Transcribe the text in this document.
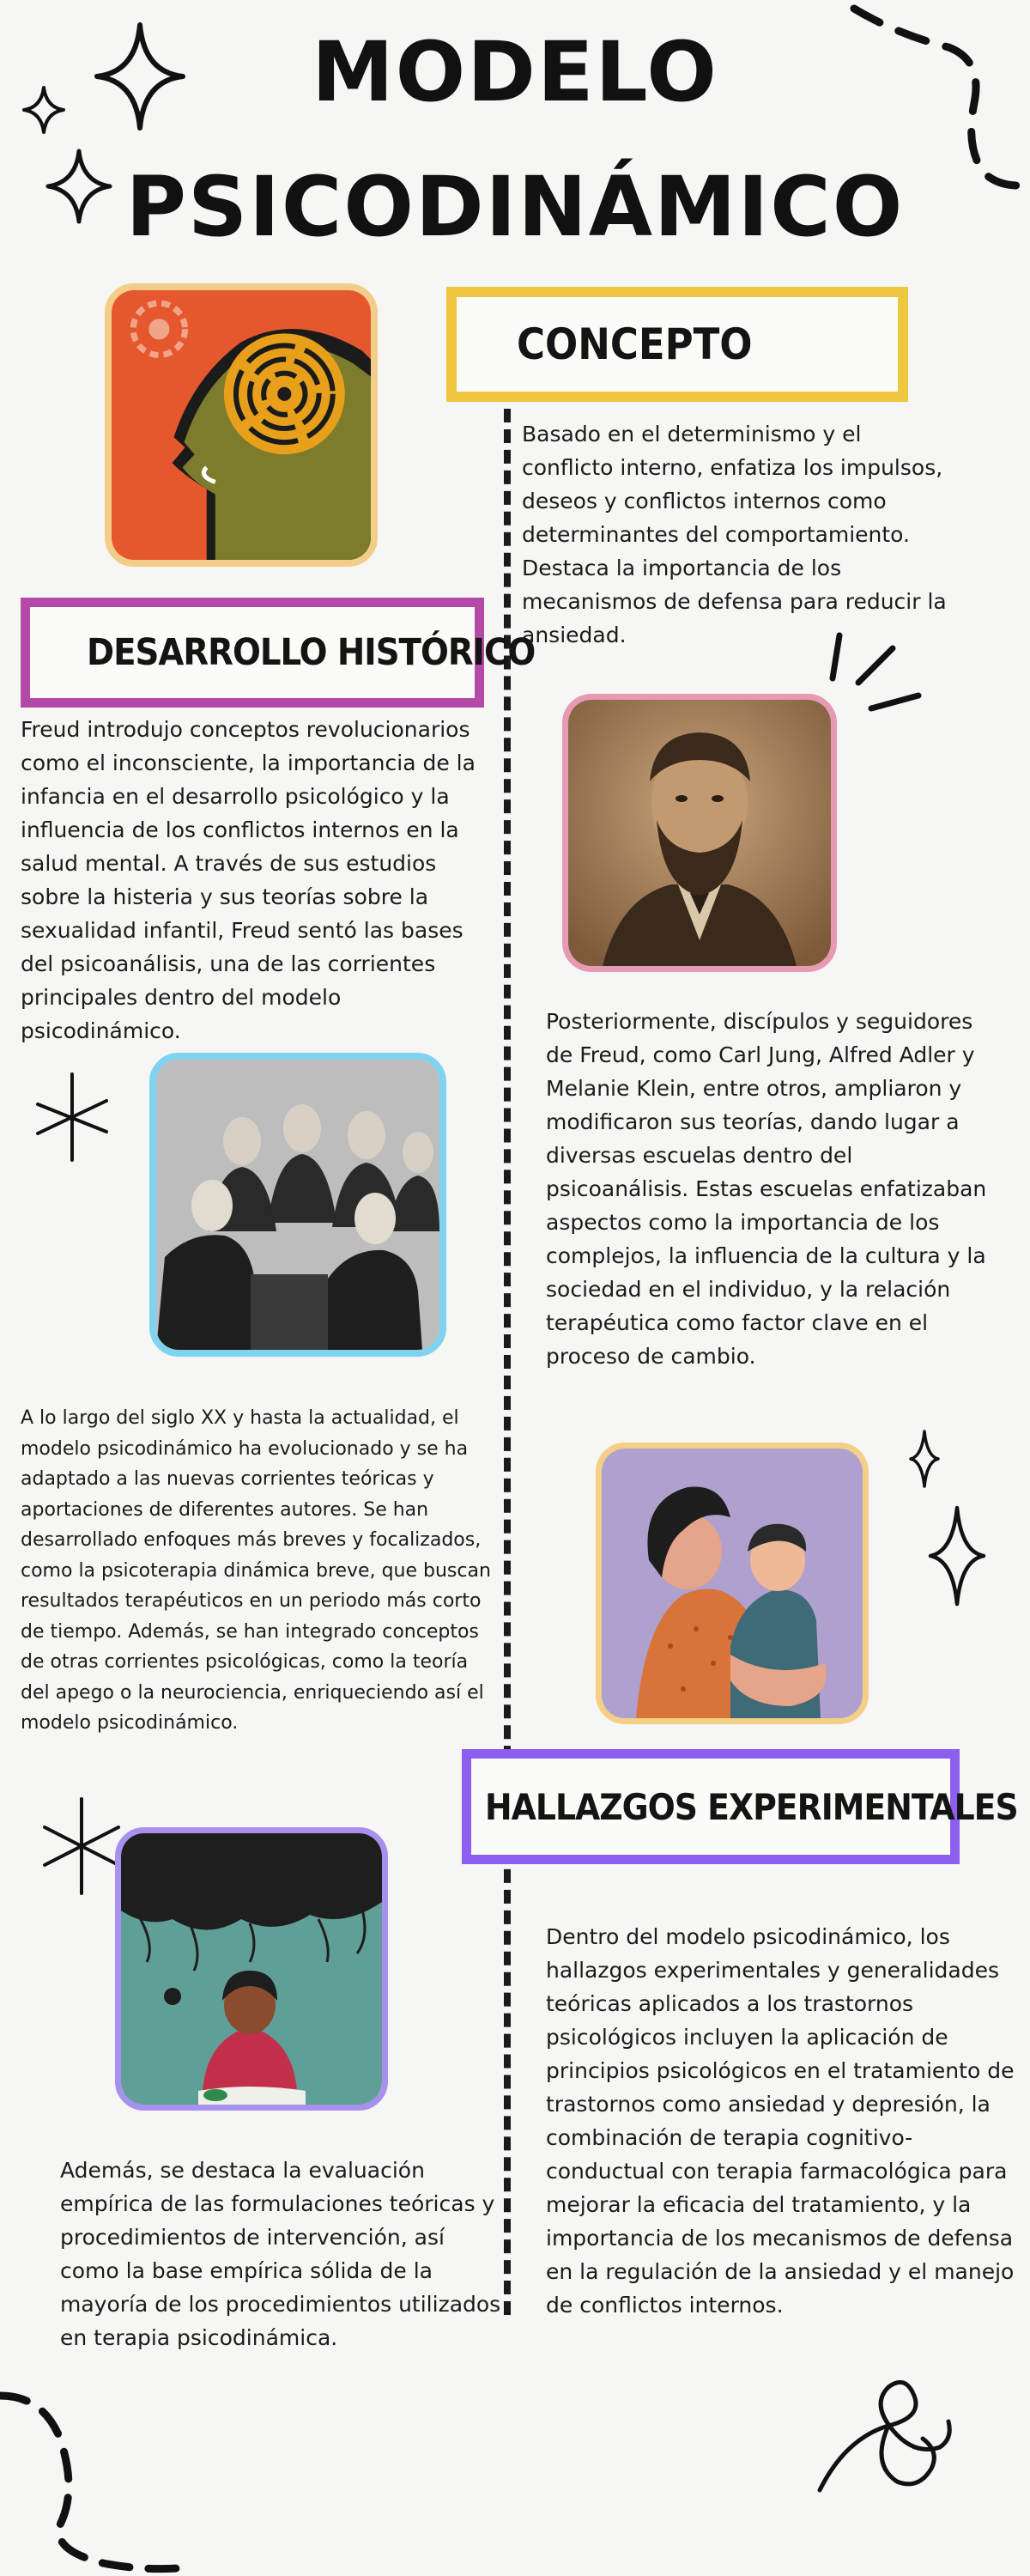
MODELO
PSICODINÁMICO
CONCEPTO

Basado en el determinismo y el conflicto interno, enfatiza los impulsos, deseos y conflictos internos como determinantes del comportamiento. Destaca la importancia de los mecanismos de defensa para reducir la ansiedad.

DESARROLLO HISTÓRICO

Freud introdujo conceptos revolucionarios como el inconsciente, la importancia de la infancia en el desarrollo psicológico y la influencia de los conflictos internos en la salud mental. A través de sus estudios sobre la histeria y sus teorías sobre la sexualidad infantil, Freud sentó las bases del psicoanálisis, una de las corrientes principales dentro del modelo psicodinámico.	Posteriormente, discípulos y seguidores de Freud, como Carl Jung, Alfred Adler y Melanie Klein, entre otros, ampliaron y modificaron sus teorías, dando lugar a diversas escuelas dentro del psicoanálisis. Estas escuelas enfatizaban aspectos como la importancia de los complejos, la influencia de la cultura y la sociedad en el individuo, y la relación terapéutica como factor clave en el proceso de cambio.

A lo largo del siglo XX y hasta la actualidad, el modelo psicodinámico ha evolucionado y se ha adaptado a las nuevas corrientes teóricas y aportaciones de diferentes autores. Se han desarrollado enfoques más breves y focalizados, como la psicoterapia dinámica breve, que buscan resultados terapéuticos en un periodo más corto de tiempo. Además, se han integrado conceptos de otras corrientes psicológicas, como la teoría del apego o la neurociencia, enriqueciendo así el modelo psicodinámico.

HALLAZGOS EXPERIMENTALES

Dentro del modelo psicodinámico, los hallazgos experimentales y generalidades teóricas aplicados a los trastornos psicológicos incluyen la aplicación de principios psicológicos en el tratamiento de trastornos como ansiedad y depresión, la combinación de terapia cognitivo-conductual con terapia farmacológica para mejorar la eficacia del tratamiento, y la importancia de los mecanismos de defensa en la regulación de la ansiedad y el manejo de conflictos internos.

Además, se destaca la evaluación empírica de las formulaciones teóricas y procedimientos de intervención, así como la base empírica sólida de la mayoría de los procedimientos utilizados en terapia psicodinámica.
